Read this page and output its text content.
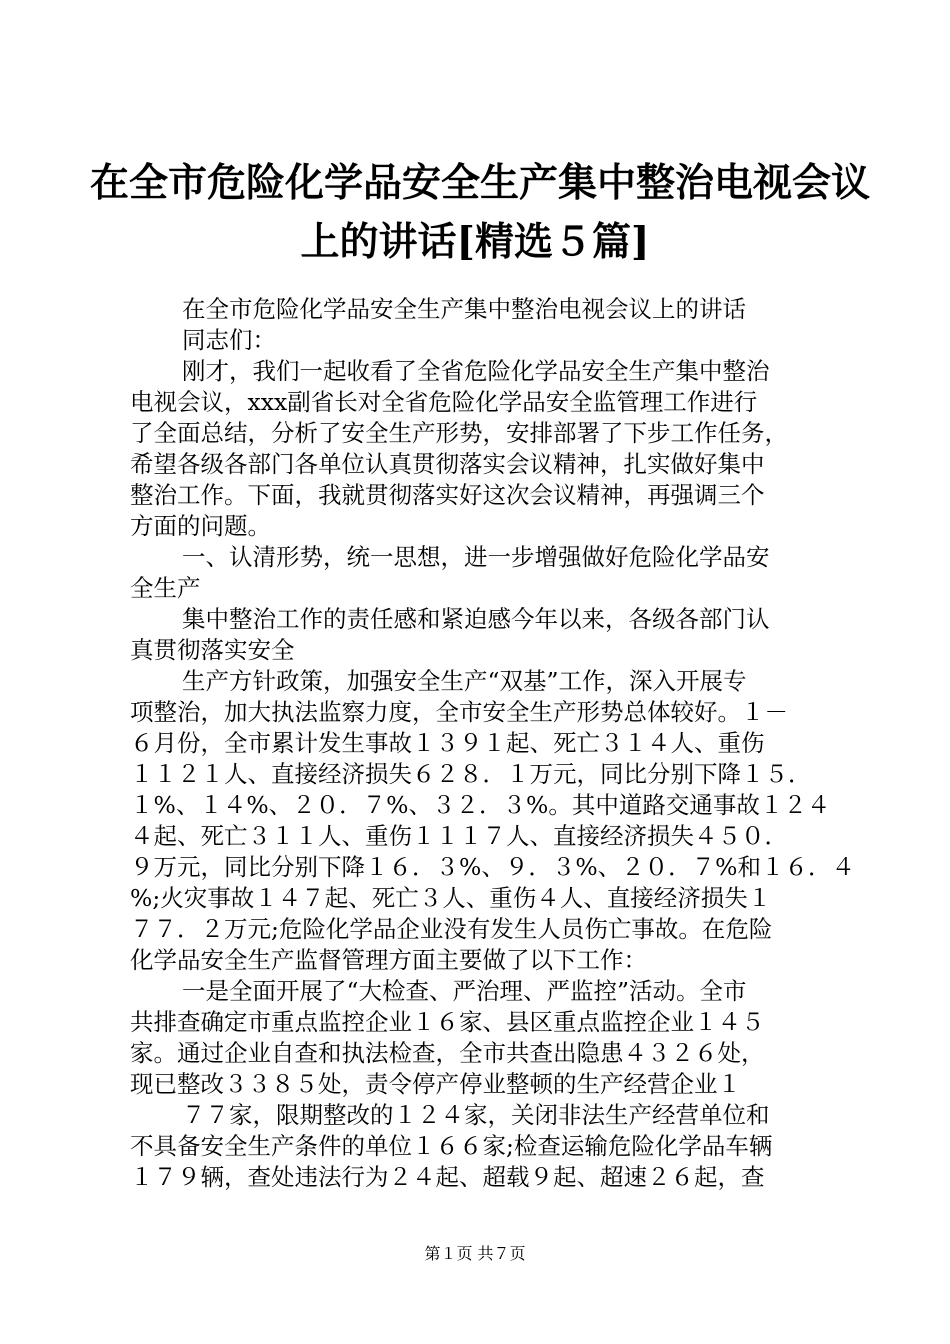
在全市危险化学品安全生产集中整治电视会议
上的讲话[精选５篇]
在全市危险化学品安全生产集中整治电视会议上的讲话
同志们：
刚才，我们一起收看了全省危险化学品安全生产集中整治
电视会议，xxx副省长对全省危险化学品安全监管理工作进行
了全面总结，分析了安全生产形势，安排部署了下步工作任务，
希望各级各部门各单位认真贯彻落实会议精神，扎实做好集中
整治工作。下面，我就贯彻落实好这次会议精神，再强调三个
方面的问题。
一、认清形势，统一思想，进一步增强做好危险化学品安
全生产
集中整治工作的责任感和紧迫感今年以来，各级各部门认
真贯彻落实安全
生产方针政策，加强安全生产“双基”工作，深入开展专
项整治，加大执法监察力度，全市安全生产形势总体较好。１－
６月份，全市累计发生事故１３９１起、死亡３１４人、重伤
１１２１人、直接经济损失６２８．１万元，同比分别下降１５．
１%、１４%、２０．７%、３２．３%。其中道路交通事故１２４
４起、死亡３１１人、重伤１１１７人、直接经济损失４５０．
９万元，同比分别下降１６．３%、９．３%、２０．７%和１６．４
%;火灾事故１４７起、死亡３人、重伤４人、直接经济损失１
７７．２万元;危险化学品企业没有发生人员伤亡事故。在危险
化学品安全生产监督管理方面主要做了以下工作：
一是全面开展了“大检查、严治理、严监控”活动。全市
共排查确定市重点监控企业１６家、县区重点监控企业１４５
家。通过企业自查和执法检查，全市共查出隐患４３２６处，
现已整改３３８５处，责令停产停业整顿的生产经营企业１
７７家，限期整改的１２４家，关闭非法生产经营单位和
不具备安全生产条件的单位１６６家;检查运输危险化学品车辆
１７９辆，查处违法行为２４起、超载９起、超速２６起，查
第１页 共７页
